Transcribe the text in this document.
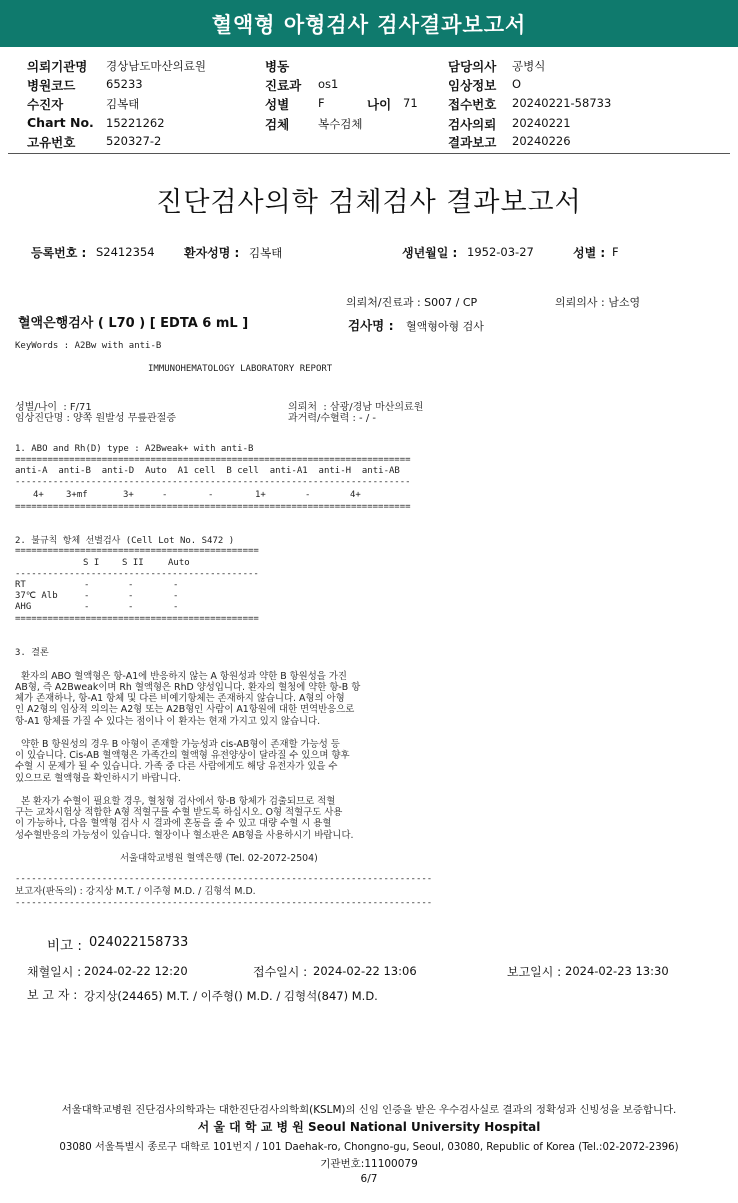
혈액형 아형검사 검사결과보고서
의뢰기관명 경상남도마산의료원
병원코드	65233
수진자	김복태
Chart No. 15221262
고유번호	520327-2
병동
진료과 os1
성별	F	나이 71
검체	복수검체
담당의사 공병식
임상정보 O
접수번호 20240221-58733
검사의뢰 20240221
결과보고 20240226
진단검사의학 검체검사 결과보고서
등록번호 : S2412354 환자성명 : 김복태	생년월일 : 1952-03-27	성별 : F
의뢰처/진료과 : S007 / CP	의뢰의사 : 남소영
혈액은행검사 ( L70 ) [ EDTA 6 mL ]	검사명 : 혈액형아형 검사
KeyWords : A2Bw with anti-B
IMMUNOHEMATOLOGY LABORATORY REPORT
성별/나이  : F/71
임상진단명 : 양쪽 원발성 무릎관절증
의뢰처  : 삼광/경남 마산의료원
과거력/수혈력 : - / -
1. ABO and Rh(D) type : A2Bweak+ with anti-B
=========================================================================
anti-A anti-B anti-D Auto A1 cell B cell anti-A1 anti-H anti-AB
-------------------------------------------------------------------------
4+ 3+mf	3+	-	-	1+	-	4+
=========================================================================
2. 불규칙 항체 선별검사 (Cell Lot No. S472 )
=============================================
S I	S II	Auto
---------------------------------------------
RT	-	-	-
37℃ Alb	-	-	-
AHG	-	-	-
=============================================
3. 결론
환자의 ABO 혈액형은 항-A1에 반응하지 않는 A 항원성과 약한 B 항원성을 가진
AB형, 즉 A2Bweak이며 Rh 혈액형은 RhD 양성입니다. 환자의 혈청에 약한 항-B 항
체가 존재하나, 항-A1 항체 및 다른 비예기항체는 존재하지 않습니다. A형의 아형
인 A2형의 임상적 의의는 A2형 또는 A2B형인 사람이 A1항원에 대한 면역반응으로
항-A1 항체를 가질 수 있다는 점이나 이 환자는 현재 가지고 있지 않습니다.
약한 B 항원성의 경우 B 아형이 존재할 가능성과 cis-AB형이 존재할 가능성 등
이 있습니다. Cis-AB 혈액형은 가족간의 혈액형 유전양상이 달라질 수 있으며 향후
수혈 시 문제가 될 수 있습니다. 가족 중 다른 사람에게도 해당 유전자가 있을 수
있으므로 혈액형을 확인하시기 바랍니다.
본 환자가 수혈이 필요할 경우, 혈청형 검사에서 항-B 항체가 검출되므로 적혈
구는 교차시험상 적합한 A형 적혈구를 수혈 받도록 하십시오. O형 적혈구도 사용
이 가능하나, 다음 혈액형 검사 시 결과에 혼동을 줄 수 있고 대량 수혈 시 용혈
성수혈반응의 가능성이 있습니다. 혈장이나 혈소판은 AB형을 사용하시기 바랍니다.
서울대학교병원 혈액은행 (Tel. 02-2072-2504)
-----------------------------------------------------------------------------
보고자(판독의) : 강지상 M.T. / 이주형 M.D. / 김형석 M.D.
-----------------------------------------------------------------------------
비고 : 024022158733
채혈일시 : 2024-02-22 12:20	접수일시 : 2024-02-22 13:06	보고일시 : 2024-02-23 13:30
보 고 자 : 강지상(24465) M.T. / 이주형() M.D. / 김형석(847) M.D.
서울대학교병원 진단검사의학과는 대한진단검사의학회(KSLM)의 신임 인증을 받은 우수검사실로 결과의 정확성과 신빙성을 보증합니다.
서 울 대 학 교 병 원 Seoul National University Hospital
03080 서울특별시 종로구 대학로 101번지 / 101 Daehak-ro, Chongno-gu, Seoul, 03080, Republic of Korea (Tel.:02-2072-2396)
기관번호:11100079
6/7
